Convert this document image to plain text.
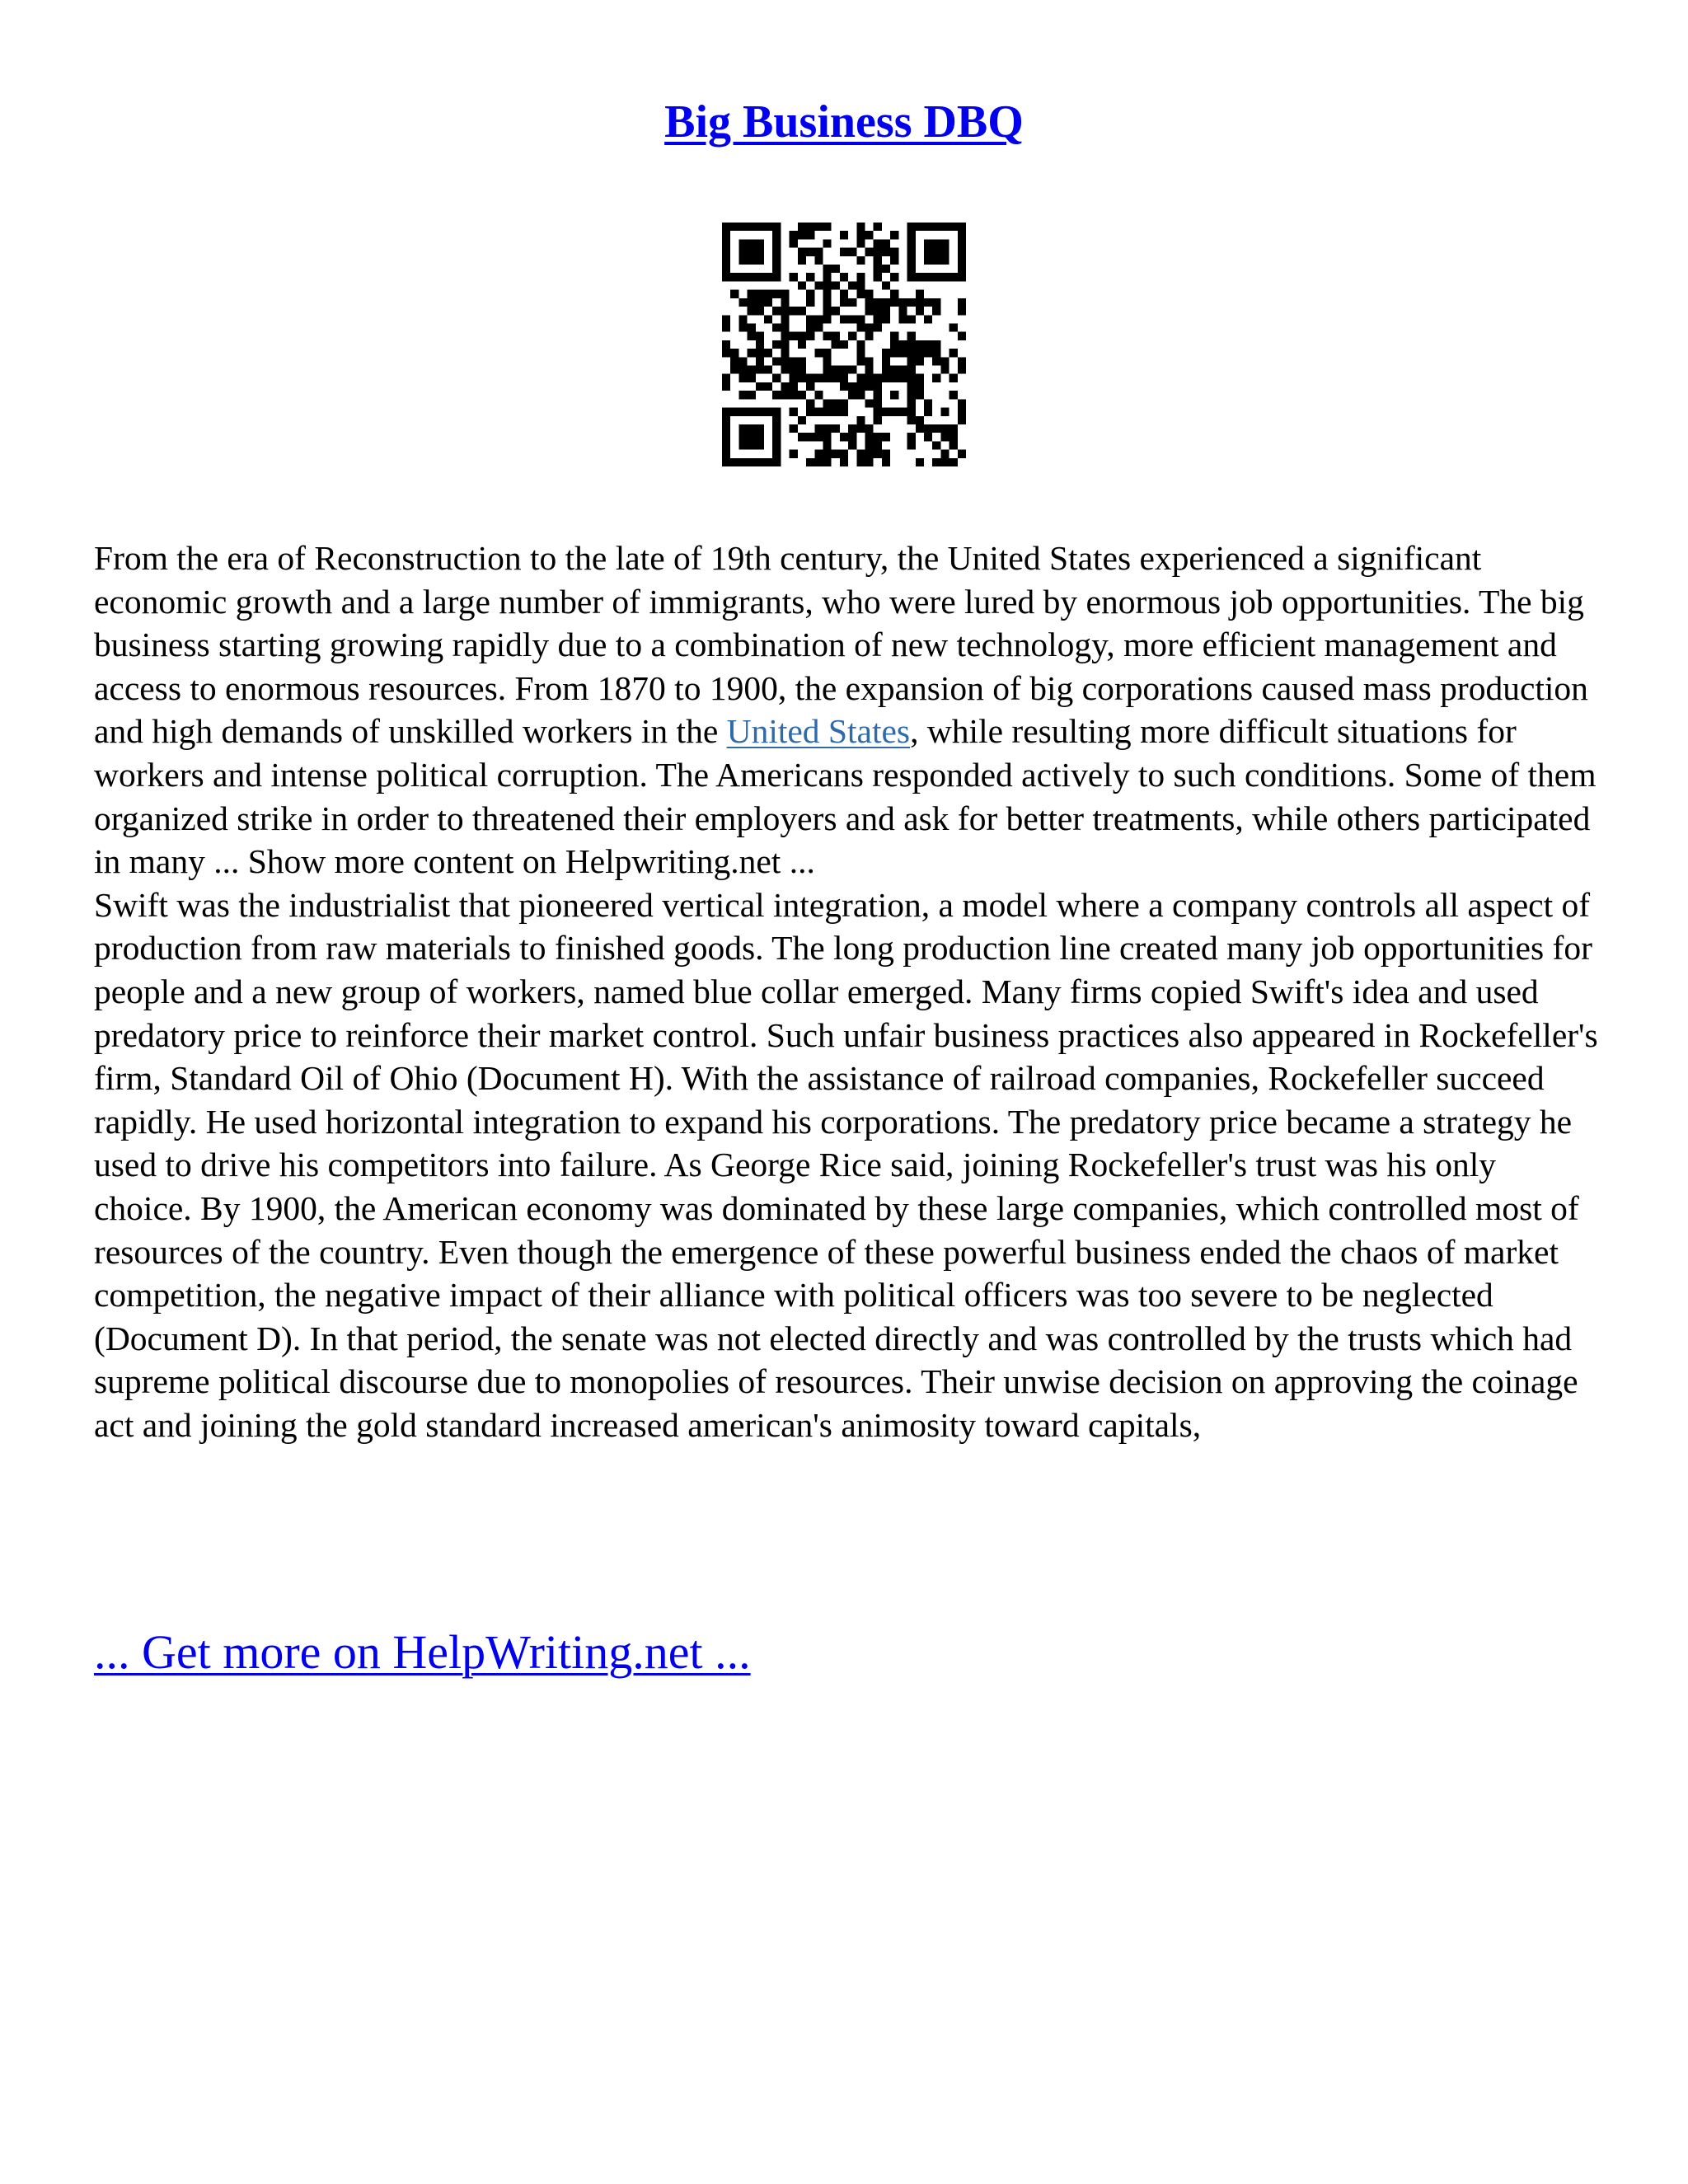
Big Business DBQ

From the era of Reconstruction to the late of 19th century, the United States experienced a significant economic growth and a large number of immigrants, who were lured by enormous job opportunities. The big business starting growing rapidly due to a combination of new technology, more efficient management and access to enormous resources. From 1870 to 1900, the expansion of big corporations caused mass production and high demands of unskilled workers in the United States, while resulting more difficult situations for workers and intense political corruption. The Americans responded actively to such conditions. Some of them organized strike in order to threatened their employers and ask for better treatments, while others participated in many ... Show more content on Helpwriting.net ...

Swift was the industrialist that pioneered vertical integration, a model where a company controls all aspect of production from raw materials to finished goods. The long production line created many job opportunities for people and a new group of workers, named blue collar emerged. Many firms copied Swift's idea and used predatory price to reinforce their market control. Such unfair business practices also appeared in Rockefeller's firm, Standard Oil of Ohio (Document H). With the assistance of railroad companies, Rockefeller succeed rapidly. He used horizontal integration to expand his corporations. The predatory price became a strategy he used to drive his competitors into failure. As George Rice said, joining Rockefeller's trust was his only choice. By 1900, the American economy was dominated by these large companies, which controlled most of resources of the country. Even though the emergence of these powerful business ended the chaos of market competition, the negative impact of their alliance with political officers was too severe to be neglected (Document D). In that period, the senate was not elected directly and was controlled by the trusts which had supreme political discourse due to monopolies of resources. Their unwise decision on approving the coinage act and joining the gold standard increased american's animosity toward capitals,

... Get more on HelpWriting.net ...
